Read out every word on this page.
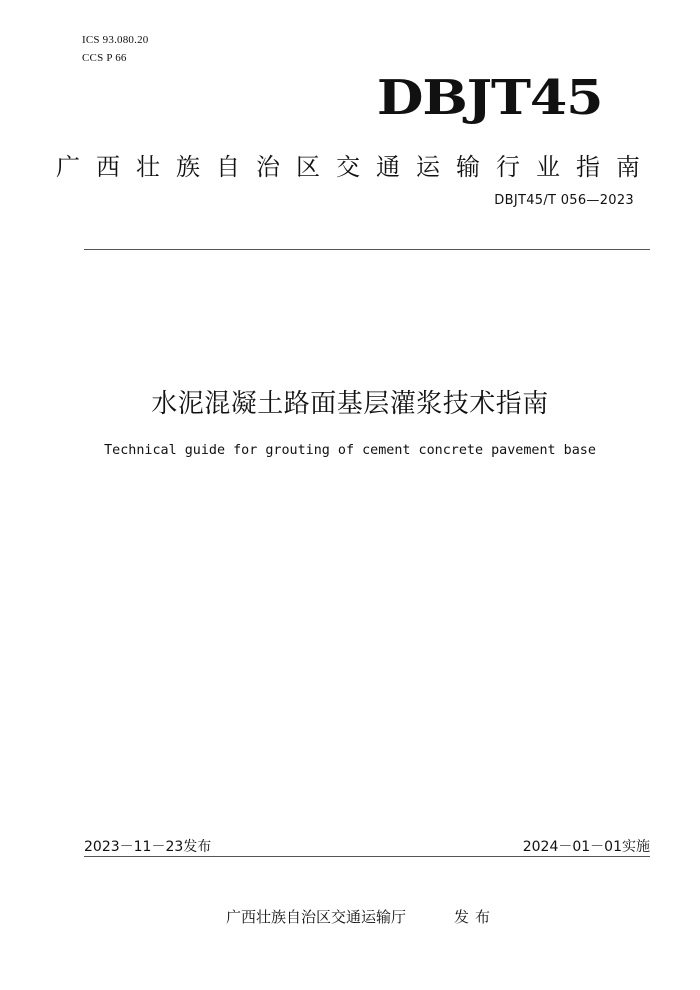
ICS 93.080.20
CCS P 66
DBJT45
广西壮族自治区交通运输行业指南
DBJT45/T 056—2023
水泥混凝土路面基层灌浆技术指南
Technical guide for grouting of cement concrete pavement base
2023－11－23发布	2024－01－01实施
广西壮族自治区交通运输厅	发布
